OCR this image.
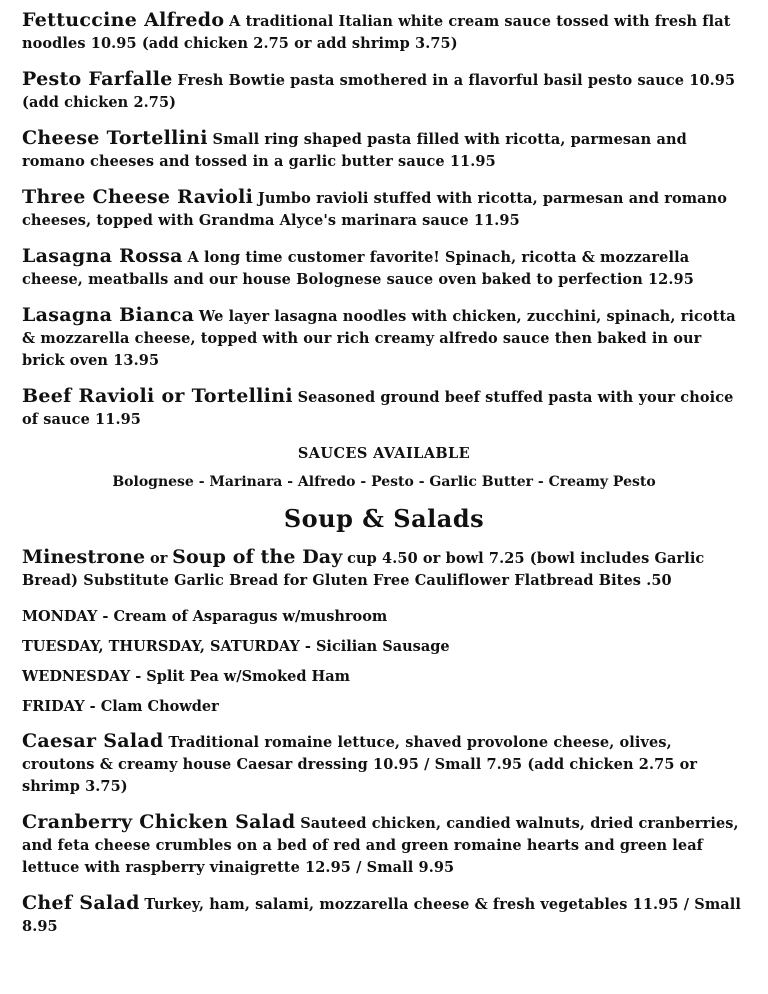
Fettuccine Alfredo A traditional Italian white cream sauce tossed with fresh flat noodles 10.95 (add chicken 2.75 or add shrimp 3.75)
Pesto Farfalle Fresh Bowtie pasta smothered in a flavorful basil pesto sauce 10.95 (add chicken 2.75)
Cheese Tortellini Small ring shaped pasta filled with ricotta, parmesan and romano cheeses and tossed in a garlic butter sauce 11.95
Three Cheese Ravioli Jumbo ravioli stuffed with ricotta, parmesan and romano cheeses, topped with Grandma Alyce's marinara sauce 11.95
Lasagna Rossa A long time customer favorite! Spinach, ricotta & mozzarella cheese, meatballs and our house Bolognese sauce oven baked to perfection 12.95
Lasagna Bianca We layer lasagna noodles with chicken, zucchini, spinach, ricotta & mozzarella cheese, topped with our rich creamy alfredo sauce then baked in our brick oven 13.95
Beef Ravioli or Tortellini Seasoned ground beef stuffed pasta with your choice of sauce 11.95
SAUCES AVAILABLE
Bolognese - Marinara - Alfredo - Pesto - Garlic Butter - Creamy Pesto
Soup & Salads
Minestrone or Soup of the Day cup 4.50 or bowl 7.25 (bowl includes Garlic Bread) Substitute Garlic Bread for Gluten Free Cauliflower Flatbread Bites .50
MONDAY - Cream of Asparagus w/mushroom
TUESDAY, THURSDAY, SATURDAY - Sicilian Sausage
WEDNESDAY - Split Pea w/Smoked Ham
FRIDAY - Clam Chowder
Caesar Salad Traditional romaine lettuce, shaved provolone cheese, olives, croutons & creamy house Caesar dressing 10.95 / Small 7.95 (add chicken 2.75 or shrimp 3.75)
Cranberry Chicken Salad Sauteed chicken, candied walnuts, dried cranberries, and feta cheese crumbles on a bed of red and green romaine hearts and green leaf lettuce with raspberry vinaigrette 12.95 / Small 9.95
Chef Salad Turkey, ham, salami, mozzarella cheese & fresh vegetables 11.95 / Small 8.95
